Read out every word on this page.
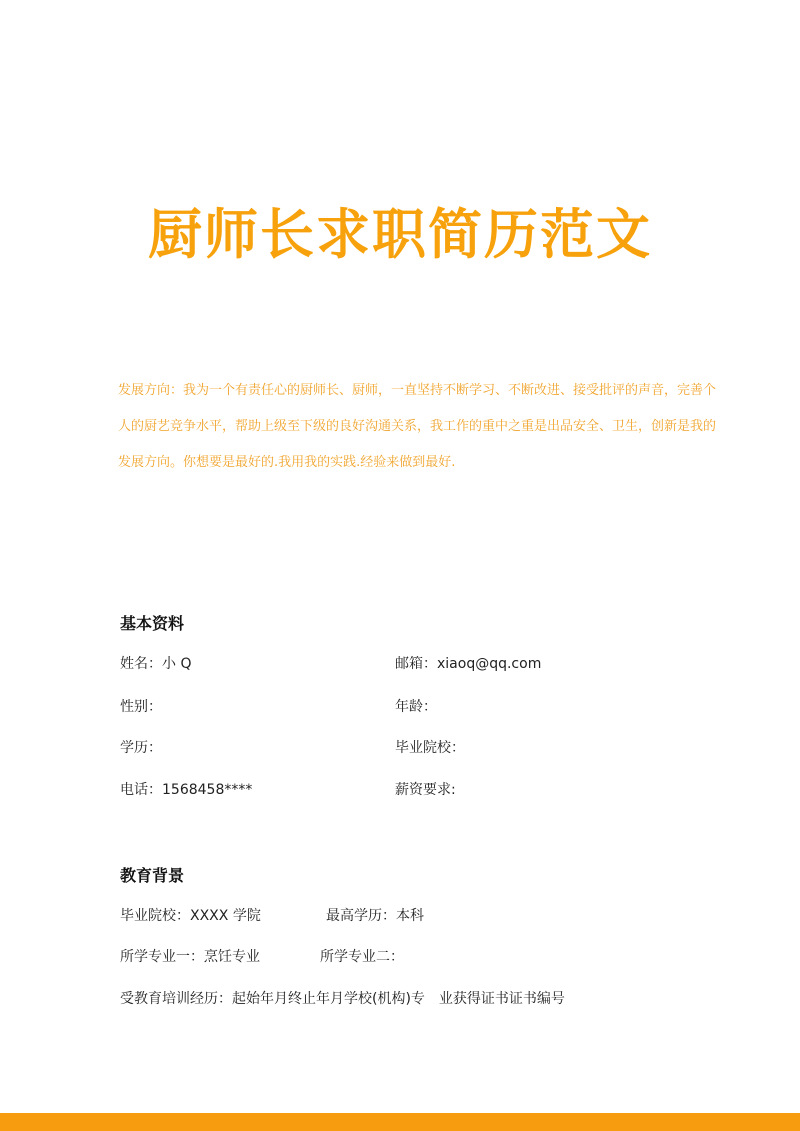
厨师长求职简历范文
发展方向：我为一个有责任心的厨师长、厨师，一直坚持不断学习、不断改进、接受批评的声音，完善个人的厨艺竞争水平，帮助上级至下级的良好沟通关系，我工作的重中之重是出品安全、卫生，创新是我的发展方向。你想要是最好的.我用我的实践.经验来做到最好.
基本资料
姓名：小 Q	邮箱：xiaoq@qq.com
性别：	年龄：
学历：	毕业院校：
电话：1568458****	薪资要求:
教育背景
毕业院校：XXXX 学院	最高学历：本科
所学专业一：烹饪专业	所学专业二：
受教育培训经历：起始年月终止年月学校(机构)专　业获得证书证书编号
